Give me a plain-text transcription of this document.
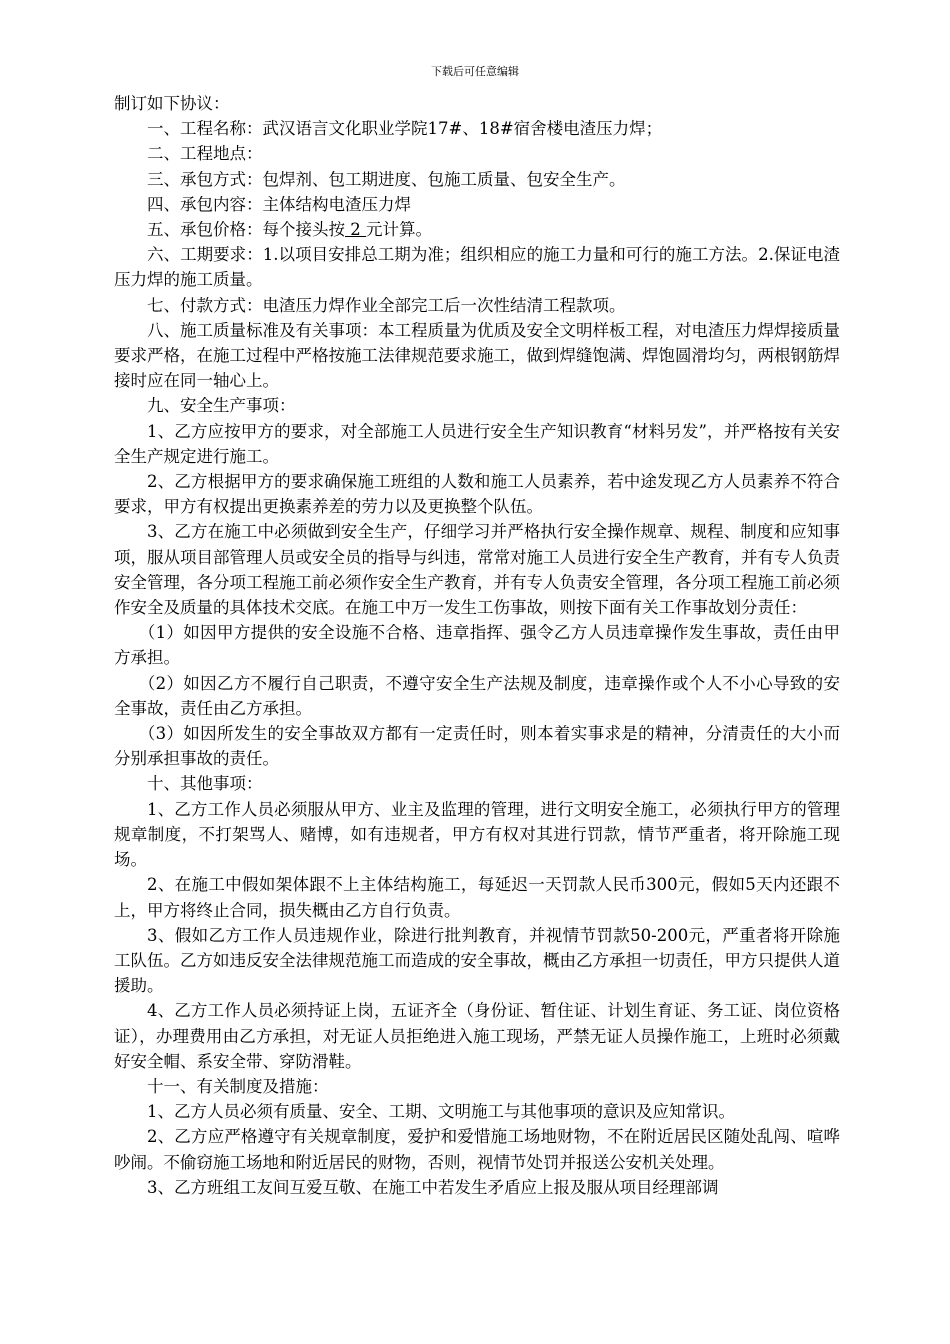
下载后可任意编辑

制订如下协议：

一、工程名称：武汉语言文化职业学院17#、18#宿舍楼电渣压力焊；

二、工程地点：

三、承包方式：包焊剂、包工期进度、包施工质量、包安全生产。

四、承包内容：主体结构电渣压力焊

五、承包价格：每个接头按 2 元计算。

六、工期要求：1.以项目安排总工期为准；组织相应的施工力量和可行的施工方法。2.保证电渣压力焊的施工质量。

七、付款方式：电渣压力焊作业全部完工后一次性结清工程款项。

八、施工质量标准及有关事项：本工程质量为优质及安全文明样板工程，对电渣压力焊焊接质量要求严格，在施工过程中严格按施工法律规范要求施工，做到焊缝饱满、焊饱圆滑均匀，两根钢筋焊接时应在同一轴心上。

九、安全生产事项：

1、乙方应按甲方的要求，对全部施工人员进行安全生产知识教育“材料另发”，并严格按有关安全生产规定进行施工。

2、乙方根据甲方的要求确保施工班组的人数和施工人员素养，若中途发现乙方人员素养不符合要求，甲方有权提出更换素养差的劳力以及更换整个队伍。

3、乙方在施工中必须做到安全生产，仔细学习并严格执行安全操作规章、规程、制度和应知事项，服从项目部管理人员或安全员的指导与纠违，常常对施工人员进行安全生产教育，并有专人负责安全管理，各分项工程施工前必须作安全生产教育，并有专人负责安全管理，各分项工程施工前必须作安全及质量的具体技术交底。在施工中万一发生工伤事故，则按下面有关工作事故划分责任：

（1）如因甲方提供的安全设施不合格、违章指挥、强令乙方人员违章操作发生事故，责任由甲方承担。

（2）如因乙方不履行自己职责，不遵守安全生产法规及制度，违章操作或个人不小心导致的安全事故，责任由乙方承担。

（3）如因所发生的安全事故双方都有一定责任时，则本着实事求是的精神，分清责任的大小而分别承担事故的责任。

十、其他事项：

1、乙方工作人员必须服从甲方、业主及监理的管理，进行文明安全施工，必须执行甲方的管理规章制度，不打架骂人、赌博，如有违规者，甲方有权对其进行罚款，情节严重者，将开除施工现场。

2、在施工中假如架体跟不上主体结构施工，每延迟一天罚款人民币300元，假如5天内还跟不上，甲方将终止合同，损失概由乙方自行负责。

3、假如乙方工作人员违规作业，除进行批判教育，并视情节罚款50-200元，严重者将开除施工队伍。乙方如违反安全法律规范施工而造成的安全事故，概由乙方承担一切责任，甲方只提供人道援助。

4、乙方工作人员必须持证上岗，五证齐全（身份证、暂住证、计划生育证、务工证、岗位资格证），办理费用由乙方承担，对无证人员拒绝进入施工现场，严禁无证人员操作施工，上班时必须戴好安全帽、系安全带、穿防滑鞋。

十一、有关制度及措施：

1、乙方人员必须有质量、安全、工期、文明施工与其他事项的意识及应知常识。

2、乙方应严格遵守有关规章制度，爱护和爱惜施工场地财物，不在附近居民区随处乱闯、喧哗吵闹。不偷窃施工场地和附近居民的财物，否则，视情节处罚并报送公安机关处理。

3、乙方班组工友间互爱互敬、在施工中若发生矛盾应上报及服从项目经理部调
